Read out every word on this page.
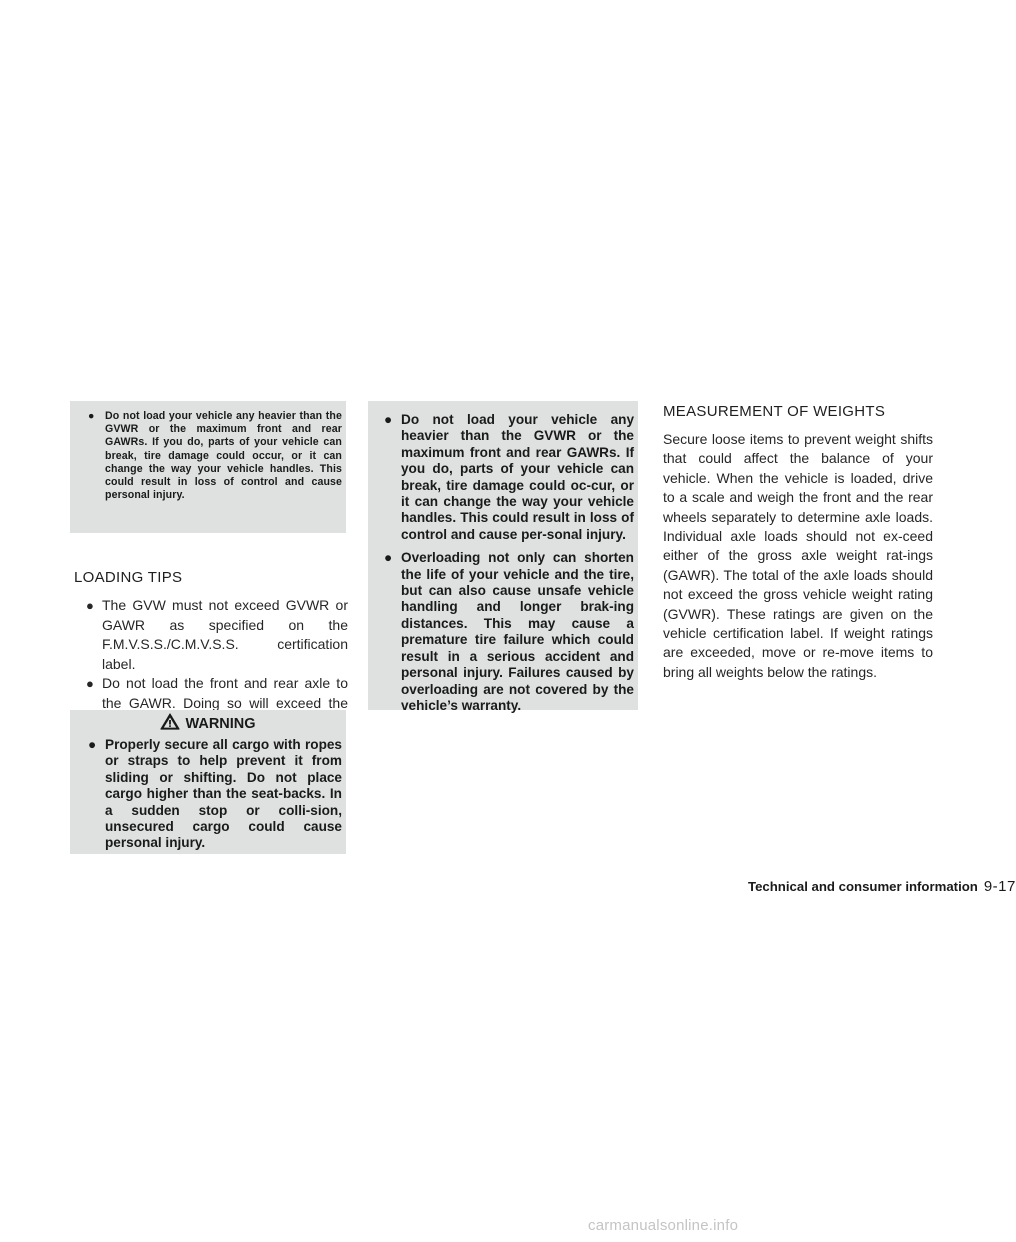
● Do not load your vehicle any heavier than the GVWR or the maximum front and rear GAWRs. If you do, parts of your vehicle can break, tire damage could occur, or it can change the way your vehicle handles. This could result in loss of control and cause personal injury.
LOADING TIPS
● The GVW must not exceed GVWR or GAWR as specified on the F.M.V.S.S./C.M.V.S.S. certification label.
● Do not load the front and rear axle to the GAWR. Doing so will exceed the
WARNING
● Properly secure all cargo with ropes or straps to help prevent it from sliding or shifting. Do not place cargo higher than the seat-backs. In a sudden stop or colli-sion, unsecured cargo could cause personal injury.
● Do not load your vehicle any heavier than the GVWR or the maximum front and rear GAWRs. If you do, parts of your vehicle can break, tire damage could oc-cur, or it can change the way your vehicle handles. This could result in loss of control and cause per-sonal injury.
● Overloading not only can shorten the life of your vehicle and the tire, but can also cause unsafe vehicle handling and longer brak-ing distances. This may cause a premature tire failure which could result in a serious accident and personal injury. Failures caused by overloading are not covered by the vehicle’s warranty.
MEASUREMENT OF WEIGHTS
Secure loose items to prevent weight shifts that could affect the balance of your vehicle. When the vehicle is loaded, drive to a scale and weigh the front and the rear wheels separately to determine axle loads. Individual axle loads should not ex-ceed either of the gross axle weight rat-ings (GAWR). The total of the axle loads should not exceed the gross vehicle weight rating (GVWR). These ratings are given on the vehicle certification label. If weight ratings are exceeded, move or re-move items to bring all weights below the ratings.
Technical and consumer information 9-17
carmanualsonline.info
